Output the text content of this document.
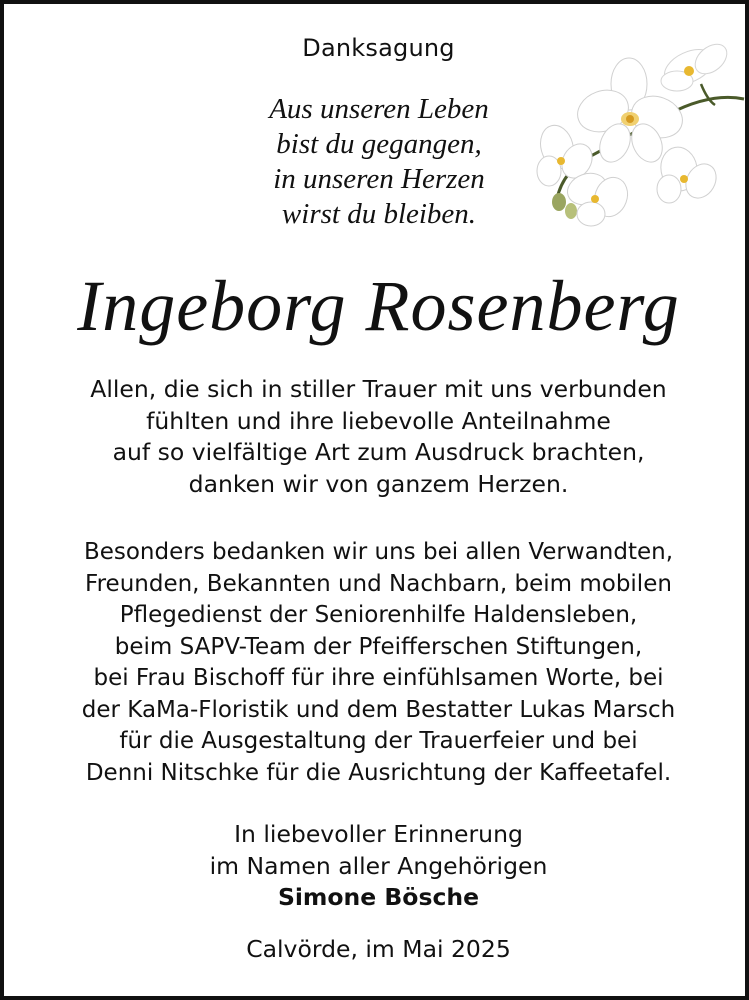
Danksagung
Aus unseren Leben
bist du gegangen,
in unseren Herzen
wirst du bleiben.
Ingeborg Rosenberg
Allen, die sich in stiller Trauer mit uns verbunden
fühlten und ihre liebevolle Anteilnahme
auf so vielfältige Art zum Ausdruck brachten,
danken wir von ganzem Herzen.
Besonders bedanken wir uns bei allen Verwandten,
Freunden, Bekannten und Nachbarn, beim mobilen
Pflegedienst der Seniorenhilfe Haldensleben,
beim SAPV-Team der Pfeifferschen Stiftungen,
bei Frau Bischoff für ihre einfühlsamen Worte, bei
der KaMa-Floristik und dem Bestatter Lukas Marsch
für die Ausgestaltung der Trauerfeier und bei
Denni Nitschke für die Ausrichtung der Kaffeetafel.
In liebevoller Erinnerung
im Namen aller Angehörigen
Simone Bösche
Calvörde, im Mai 2025
